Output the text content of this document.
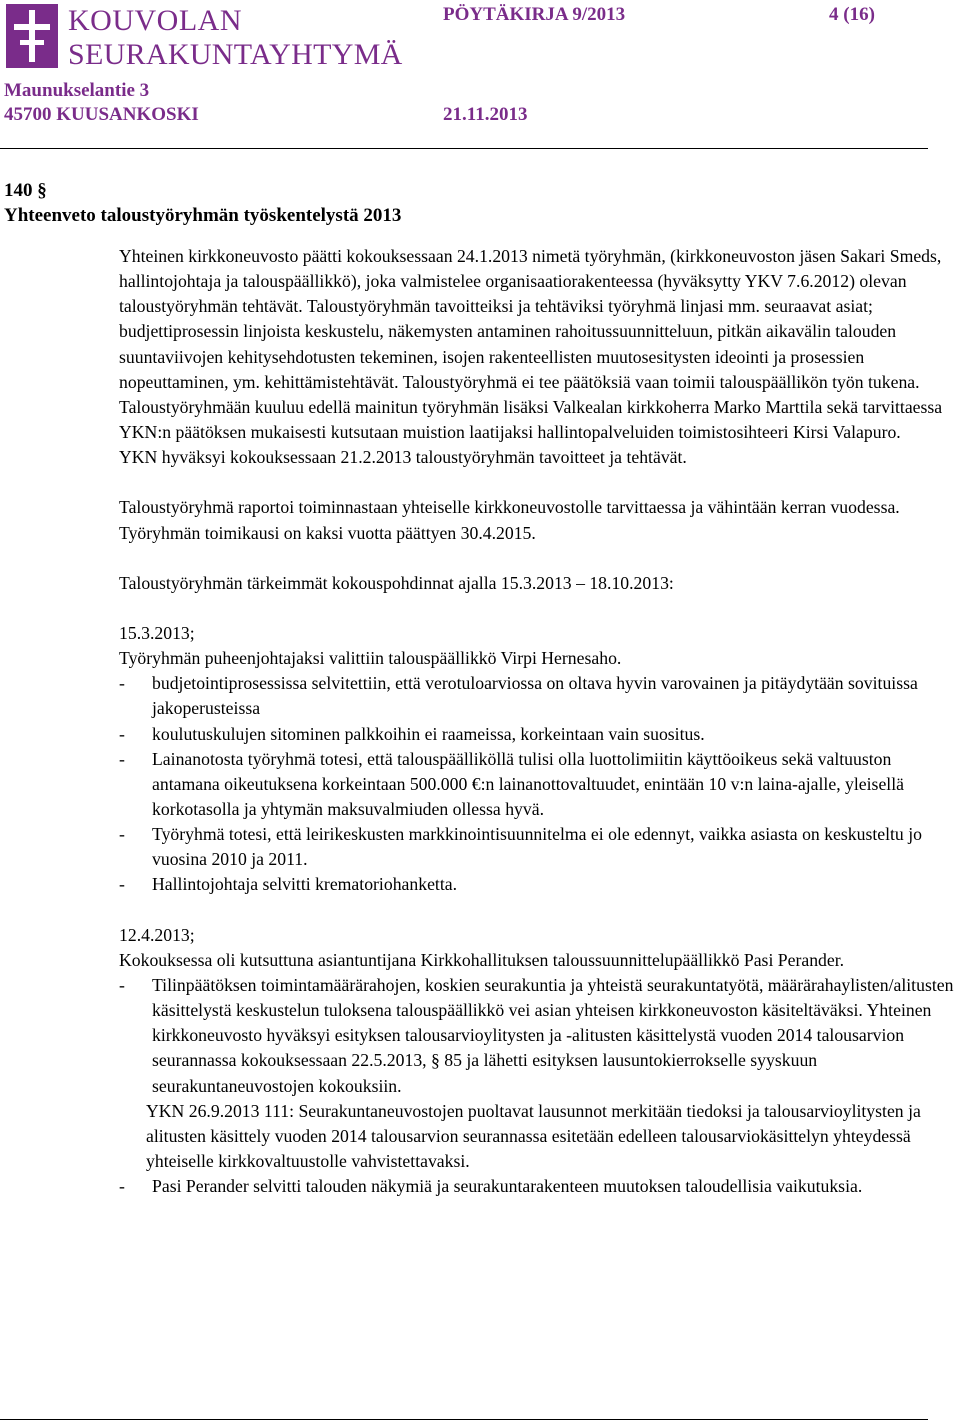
KOUVOLAN
SEURAKUNTAYHTYMÄ
Maunukselantie 3
45700 KUUSANKOSKI
PÖYTÄKIRJA 9/2013	4 (16)
21.11.2013
140 §
Yhteenveto taloustyöryhmän työskentelystä 2013

Yhteinen kirkkoneuvosto päätti kokouksessaan 24.1.2013 nimetä työryhmän, (kirkkoneuvoston jäsen Sakari Smeds, hallintojohtaja ja talouspäällikkö), joka valmistelee organisaatiorakenteessa (hyväksytty YKV 7.6.2012) olevan taloustyöryhmän tehtävät. Taloustyöryhmän tavoitteiksi ja tehtäviksi työryhmä linjasi mm. seuraavat asiat; budjettiprosessin linjoista keskustelu, näkemysten antaminen rahoitussuunnitteluun, pitkän aikavälin talouden suuntaviivojen kehitysehdotusten tekeminen, isojen rakenteellisten muutosesitysten ideointi ja prosessien nopeuttaminen, ym. kehittämistehtävät. Taloustyöryhmä ei tee päätöksiä vaan toimii talouspäällikön työn tukena. Taloustyöryhmään kuuluu edellä mainitun työryhmän lisäksi Valkealan kirkkoherra Marko Marttila sekä tarvittaessa YKN:n päätöksen mukaisesti kutsutaan muistion laatijaksi hallintopalveluiden toimistosihteeri Kirsi Valapuro.

YKN hyväksyi kokouksessaan 21.2.2013 taloustyöryhmän tavoitteet ja tehtävät.

Taloustyöryhmä raportoi toiminnastaan yhteiselle kirkkoneuvostolle tarvittaessa ja vähintään kerran vuodessa. Työryhmän toimikausi on kaksi vuotta päättyen 30.4.2015.

Taloustyöryhmän tärkeimmät kokouspohdinnat ajalla 15.3.2013 – 18.10.2013:

15.3.2013;

Työryhmän puheenjohtajaksi valittiin talouspäällikkö Virpi Hernesaho.

- budjetointiprosessissa selvitettiin, että verotuloarviossa on oltava hyvin varovainen ja pitäydytään sovituissa jakoperusteissa

- koulutuskulujen sitominen palkkoihin ei raameissa, korkeintaan vain suositus.

- Lainanotosta työryhmä totesi, että talouspäälliköllä tulisi olla luottolimiitin käyttöoikeus sekä valtuuston antamana oikeutuksena korkeintaan 500.000 €:n lainanottovaltuudet, enintään 10 v:n laina-ajalle, yleisellä korkotasolla ja yhtymän maksuvalmiuden ollessa hyvä.

- Työryhmä totesi, että leirikeskusten markkinointisuunnitelma ei ole edennyt, vaikka asiasta on keskusteltu jo vuosina 2010 ja 2011.

- Hallintojohtaja selvitti krematoriohanketta.

12.4.2013;

Kokouksessa oli kutsuttuna asiantuntijana Kirkkohallituksen taloussuunnittelupäällikkö Pasi Perander.

- Tilinpäätöksen toimintamäärärahojen, koskien seurakuntia ja yhteistä seurakuntatyötä, määrärahaylisten/alitusten käsittelystä keskustelun tuloksena talouspäällikkö vei asian yhteisen kirkkoneuvoston käsiteltäväksi. Yhteinen kirkkoneuvosto hyväksyi esityksen talousarvioylitysten ja -alitusten käsittelystä vuoden 2014 talousarvion seurannassa kokouksessaan 22.5.2013, § 85 ja lähetti esityksen lausuntokierrokselle syyskuun seurakuntaneuvostojen kokouksiin.

YKN 26.9.2013 111: Seurakuntaneuvostojen puoltavat lausunnot merkitään tiedoksi ja talousarvioylitysten ja alitusten käsittely vuoden 2014 talousarvion seurannassa esitetään edelleen talousarviokäsittelyn yhteydessä yhteiselle kirkkovaltuustolle vahvistettavaksi.

- Pasi Perander selvitti talouden näkymiä ja seurakuntarakenteen muutoksen taloudellisia vaikutuksia.
